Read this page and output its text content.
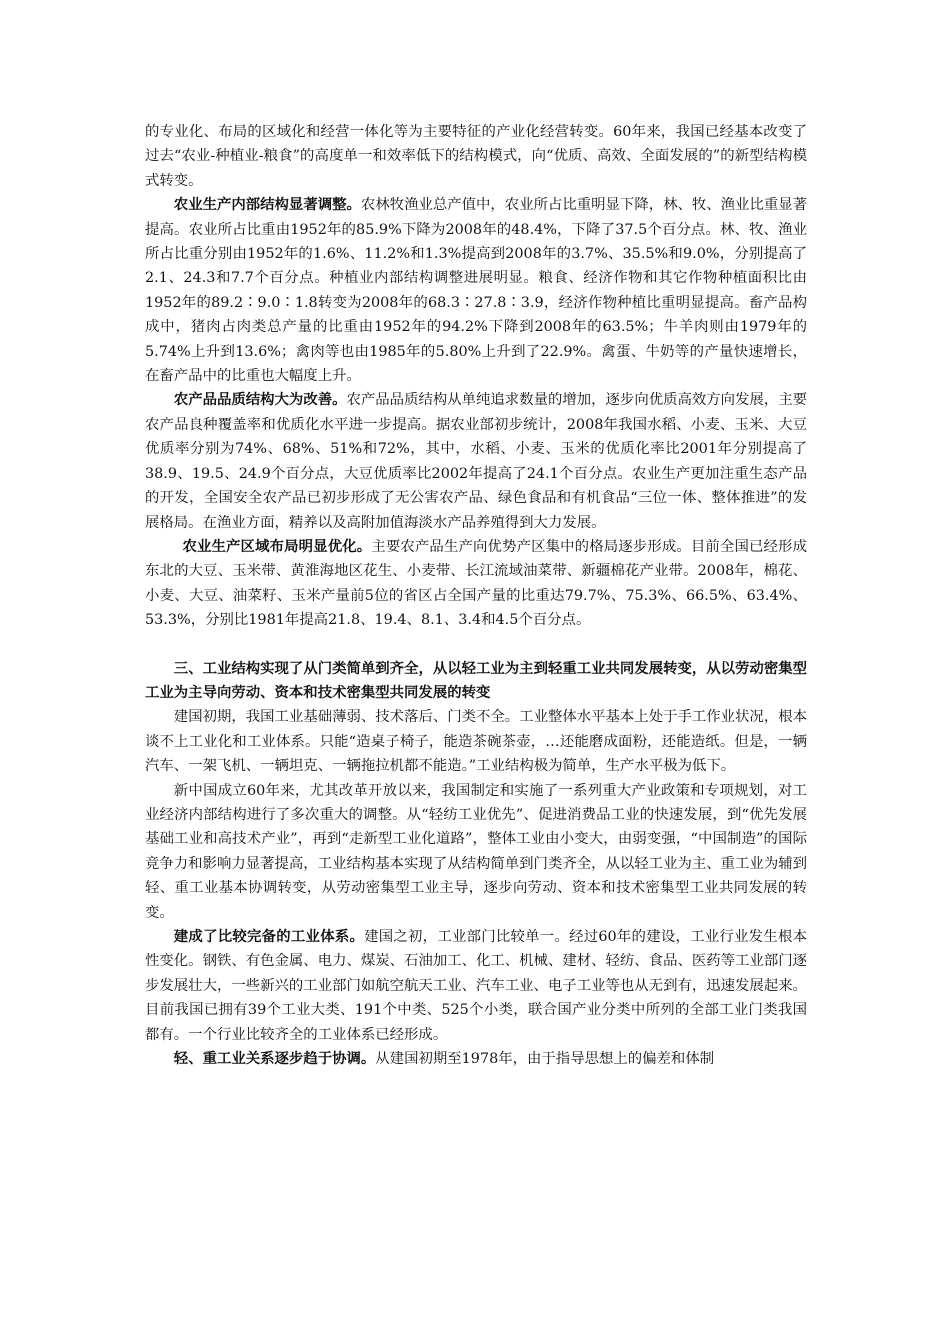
的专业化、布局的区域化和经营一体化等为主要特征的产业化经营转变。60年来，我国已经基本改变了过去“农业-种植业-粮食”的高度单一和效率低下的结构模式，向“优质、高效、全面发展的”的新型结构模式转变。

农业生产内部结构显著调整。农林牧渔业总产值中，农业所占比重明显下降，林、牧、渔业比重显著提高。农业所占比重由1952年的85.9%下降为2008年的48.4%，下降了37.5个百分点。林、牧、渔业所占比重分别由1952年的1.6%、11.2%和1.3%提高到2008年的3.7%、35.5%和9.0%，分别提高了2.1、24.3和7.7个百分点。种植业内部结构调整进展明显。粮食、经济作物和其它作物种植面积比由1952年的89.2∶9.0∶1.8转变为2008年的68.3∶27.8∶3.9，经济作物种植比重明显提高。畜产品构成中，猪肉占肉类总产量的比重由1952年的94.2%下降到2008年的63.5%；牛羊肉则由1979年的5.74%上升到13.6%；禽肉等也由1985年的5.80%上升到了22.9%。禽蛋、牛奶等的产量快速增长，在畜产品中的比重也大幅度上升。

农产品品质结构大为改善。农产品品质结构从单纯追求数量的增加，逐步向优质高效方向发展，主要农产品良种覆盖率和优质化水平进一步提高。据农业部初步统计，2008年我国水稻、小麦、玉米、大豆优质率分别为74%、68%、51%和72%，其中，水稻、小麦、玉米的优质化率比2001年分别提高了38.9、19.5、24.9个百分点，大豆优质率比2002年提高了24.1个百分点。农业生产更加注重生态产品的开发，全国安全农产品已初步形成了无公害农产品、绿色食品和有机食品“三位一体、整体推进”的发展格局。在渔业方面，精养以及高附加值海淡水产品养殖得到大力发展。

农业生产区域布局明显优化。主要农产品生产向优势产区集中的格局逐步形成。目前全国已经形成东北的大豆、玉米带、黄淮海地区花生、小麦带、长江流域油菜带、新疆棉花产业带。2008年，棉花、小麦、大豆、油菜籽、玉米产量前5位的省区占全国产量的比重达79.7%、75.3%、66.5%、63.4%、53.3%，分别比1981年提高21.8、19.4、8.1、3.4和4.5个百分点。

三、工业结构实现了从门类简单到齐全，从以轻工业为主到轻重工业共同发展转变，从以劳动密集型工业为主导向劳动、资本和技术密集型共同发展的转变

建国初期，我国工业基础薄弱、技术落后、门类不全。工业整体水平基本上处于手工作业状况，根本谈不上工业化和工业体系。只能“造桌子椅子，能造茶碗茶壶，…还能磨成面粉，还能造纸。但是，一辆汽车、一架飞机、一辆坦克、一辆拖拉机都不能造。”工业结构极为简单，生产水平极为低下。

新中国成立60年来，尤其改革开放以来，我国制定和实施了一系列重大产业政策和专项规划，对工业经济内部结构进行了多次重大的调整。从“轻纺工业优先”、促进消费品工业的快速发展，到“优先发展基础工业和高技术产业”，再到“走新型工业化道路”，整体工业由小变大，由弱变强，“中国制造”的国际竞争力和影响力显著提高，工业结构基本实现了从结构简单到门类齐全，从以轻工业为主、重工业为辅到轻、重工业基本协调转变，从劳动密集型工业主导，逐步向劳动、资本和技术密集型工业共同发展的转变。

建成了比较完备的工业体系。建国之初，工业部门比较单一。经过60年的建设，工业行业发生根本性变化。钢铁、有色金属、电力、煤炭、石油加工、化工、机械、建材、轻纺、食品、医药等工业部门逐步发展壮大，一些新兴的工业部门如航空航天工业、汽车工业、电子工业等也从无到有，迅速发展起来。目前我国已拥有39个工业大类、191个中类、525个小类，联合国产业分类中所列的全部工业门类我国都有。一个行业比较齐全的工业体系已经形成。

轻、重工业关系逐步趋于协调。从建国初期至1978年，由于指导思想上的偏差和体制
